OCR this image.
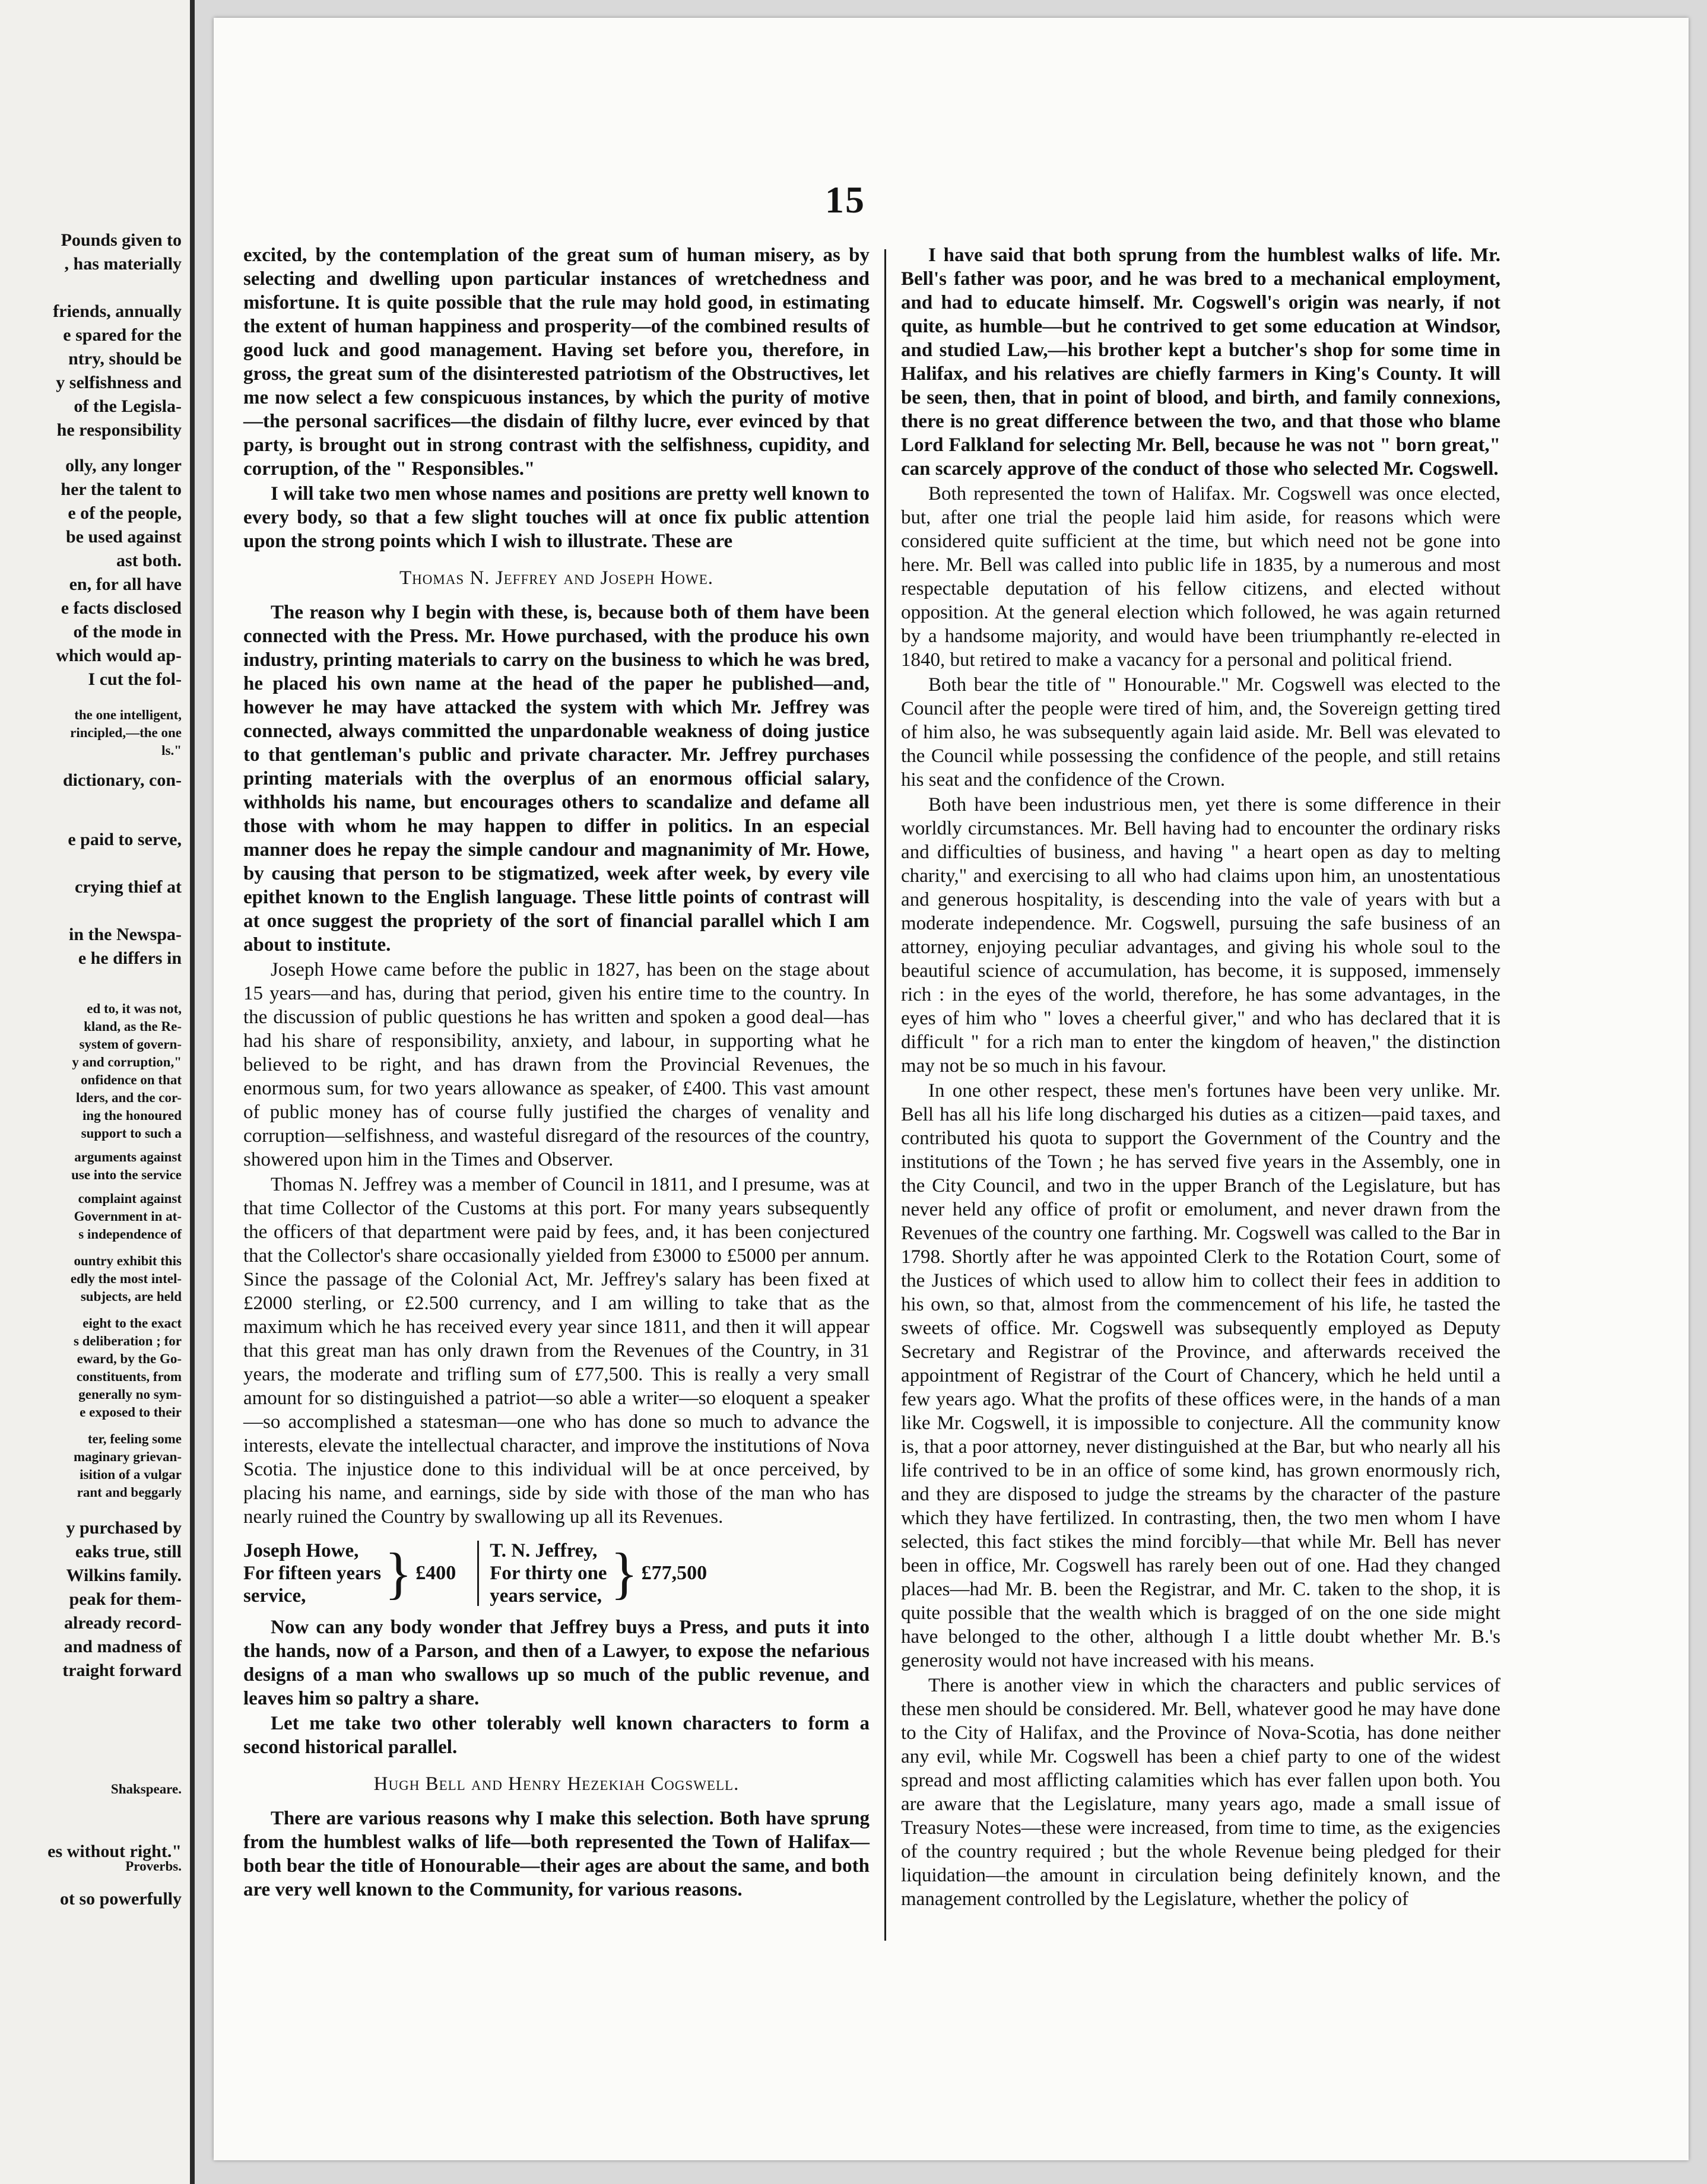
Pounds given to
, has materially
friends, annually
e spared for the
ntry, should be
y selfishness and
of the Legisla-
he responsibility
olly, any longer
her the talent to
e of the people,
be used against
ast both.
en, for all have
e facts disclosed
of the mode in
which would ap-
I cut the fol-
the one intelligent,
rincipled,—the one
ls."
dictionary, con-
e paid to serve,
crying thief at
in the Newspa-
e he differs in
ed to, it was not,
kland, as the Re-
system of govern-
y and corruption,"
onfidence on that
lders, and the cor-
ing the honoured
support to such a
arguments against
use into the service
complaint against
Government in at-
s independence of
ountry exhibit this
edly the most intel-
subjects, are held
eight to the exact
s deliberation ; for
eward, by the Go-
constituents, from
generally no sym-
e exposed to their
ter, feeling some
maginary grievan-
isition of a vulgar
rant and beggarly
y purchased by
eaks true, still
Wilkins family.
peak for them-
already record-
and madness of
traight forward
Shakspeare.
es without right."
Proverbs.
ot so powerfully
15

excited, by the contemplation of the great sum of human misery, as by selecting and dwelling upon particular instances of wretchedness and misfortune. It is quite possible that the rule may hold good, in estimating the extent of human happiness and prosperity—of the combined results of good luck and good management. Having set before you, therefore, in gross, the great sum of the disinterested patriotism of the Obstructives, let me now select a few conspicuous instances, by which the purity of motive—the personal sacrifices—the disdain of filthy lucre, ever evinced by that party, is brought out in strong contrast with the selfishness, cupidity, and corruption, of the " Responsibles."

I will take two men whose names and positions are pretty well known to every body, so that a few slight touches will at once fix public attention upon the strong points which I wish to illustrate. These are

Thomas N. Jeffrey and Joseph Howe.

The reason why I begin with these, is, because both of them have been connected with the Press. Mr. Howe purchased, with the produce his own industry, printing materials to carry on the business to which he was bred, he placed his own name at the head of the paper he published—and, however he may have attacked the system with which Mr. Jeffrey was connected, always committed the unpardonable weakness of doing justice to that gentleman's public and private character. Mr. Jeffrey purchases printing materials with the overplus of an enormous official salary, withholds his name, but encourages others to scandalize and defame all those with whom he may happen to differ in politics. In an especial manner does he repay the simple candour and magnanimity of Mr. Howe, by causing that person to be stigmatized, week after week, by every vile epithet known to the English language. These little points of contrast will at once suggest the propriety of the sort of financial parallel which I am about to institute.

Joseph Howe came before the public in 1827, has been on the stage about 15 years—and has, during that period, given his entire time to the country. In the discussion of public questions he has written and spoken a good deal—has had his share of responsibility, anxiety, and labour, in supporting what he believed to be right, and has drawn from the Provincial Revenues, the enormous sum, for two years allowance as speaker, of £400. This vast amount of public money has of course fully justified the charges of venality and corruption—selfishness, and wasteful disregard of the resources of the country, showered upon him in the Times and Observer.

Thomas N. Jeffrey was a member of Council in 1811, and I presume, was at that time Collector of the Customs at this port. For many years subsequently the officers of that department were paid by fees, and, it has been conjectured that the Collector's share occasionally yielded from £3000 to £5000 per annum. Since the passage of the Colonial Act, Mr. Jeffrey's salary has been fixed at £2000 sterling, or £2.500 currency, and I am willing to take that as the maximum which he has received every year since 1811, and then it will appear that this great man has only drawn from the Revenues of the Country, in 31 years, the moderate and trifling sum of £77,500. This is really a very small amount for so distinguished a patriot—so able a writer—so eloquent a speaker—so accomplished a statesman—one who has done so much to advance the interests, elevate the intellectual character, and improve the institutions of Nova Scotia. The injustice done to this individual will be at once perceived, by placing his name, and earnings, side by side with those of the man who has nearly ruined the Country by swallowing up all its Revenues.

Joseph Howe,
For fifteen years
service,	} £400
T. N. Jeffrey,
For thirty one
years service, } £77,500

Now can any body wonder that Jeffrey buys a Press, and puts it into the hands, now of a Parson, and then of a Lawyer, to expose the nefarious designs of a man who swallows up so much of the public revenue, and leaves him so paltry a share.

Let me take two other tolerably well known characters to form a second historical parallel.

Hugh Bell and Henry Hezekiah Cogswell.

There are various reasons why I make this selection. Both have sprung from the humblest walks of life—both represented the Town of Halifax—both bear the title of Honourable—their ages are about the same, and both are very well known to the Community, for various reasons.

I have said that both sprung from the humblest walks of life. Mr. Bell's father was poor, and he was bred to a mechanical employment, and had to educate himself. Mr. Cogswell's origin was nearly, if not quite, as humble—but he contrived to get some education at Windsor, and studied Law,—his brother kept a butcher's shop for some time in Halifax, and his relatives are chiefly farmers in King's County. It will be seen, then, that in point of blood, and birth, and family connexions, there is no great difference between the two, and that those who blame Lord Falkland for selecting Mr. Bell, because he was not " born great," can scarcely approve of the conduct of those who selected Mr. Cogswell.

Both represented the town of Halifax. Mr. Cogswell was once elected, but, after one trial the people laid him aside, for reasons which were considered quite sufficient at the time, but which need not be gone into here. Mr. Bell was called into public life in 1835, by a numerous and most respectable deputation of his fellow citizens, and elected without opposition. At the general election which followed, he was again returned by a handsome majority, and would have been triumphantly re-elected in 1840, but retired to make a vacancy for a personal and political friend.

Both bear the title of " Honourable." Mr. Cogswell was elected to the Council after the people were tired of him, and, the Sovereign getting tired of him also, he was subsequently again laid aside. Mr. Bell was elevated to the Council while possessing the confidence of the people, and still retains his seat and the confidence of the Crown.

Both have been industrious men, yet there is some difference in their worldly circumstances. Mr. Bell having had to encounter the ordinary risks and difficulties of business, and having " a heart open as day to melting charity," and exercising to all who had claims upon him, an unostentatious and generous hospitality, is descending into the vale of years with but a moderate independence. Mr. Cogswell, pursuing the safe business of an attorney, enjoying peculiar advantages, and giving his whole soul to the beautiful science of accumulation, has become, it is supposed, immensely rich : in the eyes of the world, therefore, he has some advantages, in the eyes of him who " loves a cheerful giver," and who has declared that it is difficult " for a rich man to enter the kingdom of heaven," the distinction may not be so much in his favour.

In one other respect, these men's fortunes have been very unlike. Mr. Bell has all his life long discharged his duties as a citizen—paid taxes, and contributed his quota to support the Government of the Country and the institutions of the Town ; he has served five years in the Assembly, one in the City Council, and two in the upper Branch of the Legislature, but has never held any office of profit or emolument, and never drawn from the Revenues of the country one farthing. Mr. Cogswell was called to the Bar in 1798. Shortly after he was appointed Clerk to the Rotation Court, some of the Justices of which used to allow him to collect their fees in addition to his own, so that, almost from the commencement of his life, he tasted the sweets of office. Mr. Cogswell was subsequently employed as Deputy Secretary and Registrar of the Province, and afterwards received the appointment of Registrar of the Court of Chancery, which he held until a few years ago. What the profits of these offices were, in the hands of a man like Mr. Cogswell, it is impossible to conjecture. All the community know is, that a poor attorney, never distinguished at the Bar, but who nearly all his life contrived to be in an office of some kind, has grown enormously rich, and they are disposed to judge the streams by the character of the pasture which they have fertilized. In contrasting, then, the two men whom I have selected, this fact stikes the mind forcibly—that while Mr. Bell has never been in office, Mr. Cogswell has rarely been out of one. Had they changed places—had Mr. B. been the Registrar, and Mr. C. taken to the shop, it is quite possible that the wealth which is bragged of on the one side might have belonged to the other, although I a little doubt whether Mr. B.'s generosity would not have increased with his means.

There is another view in which the characters and public services of these men should be considered. Mr. Bell, whatever good he may have done to the City of Halifax, and the Province of Nova-Scotia, has done neither any evil, while Mr. Cogswell has been a chief party to one of the widest spread and most afflicting calamities which has ever fallen upon both. You are aware that the Legislature, many years ago, made a small issue of Treasury Notes—these were increased, from time to time, as the exigencies of the country required ; but the whole Revenue being pledged for their liquidation—the amount in circulation being definitely known, and the management controlled by the Legislature, whether the policy of
